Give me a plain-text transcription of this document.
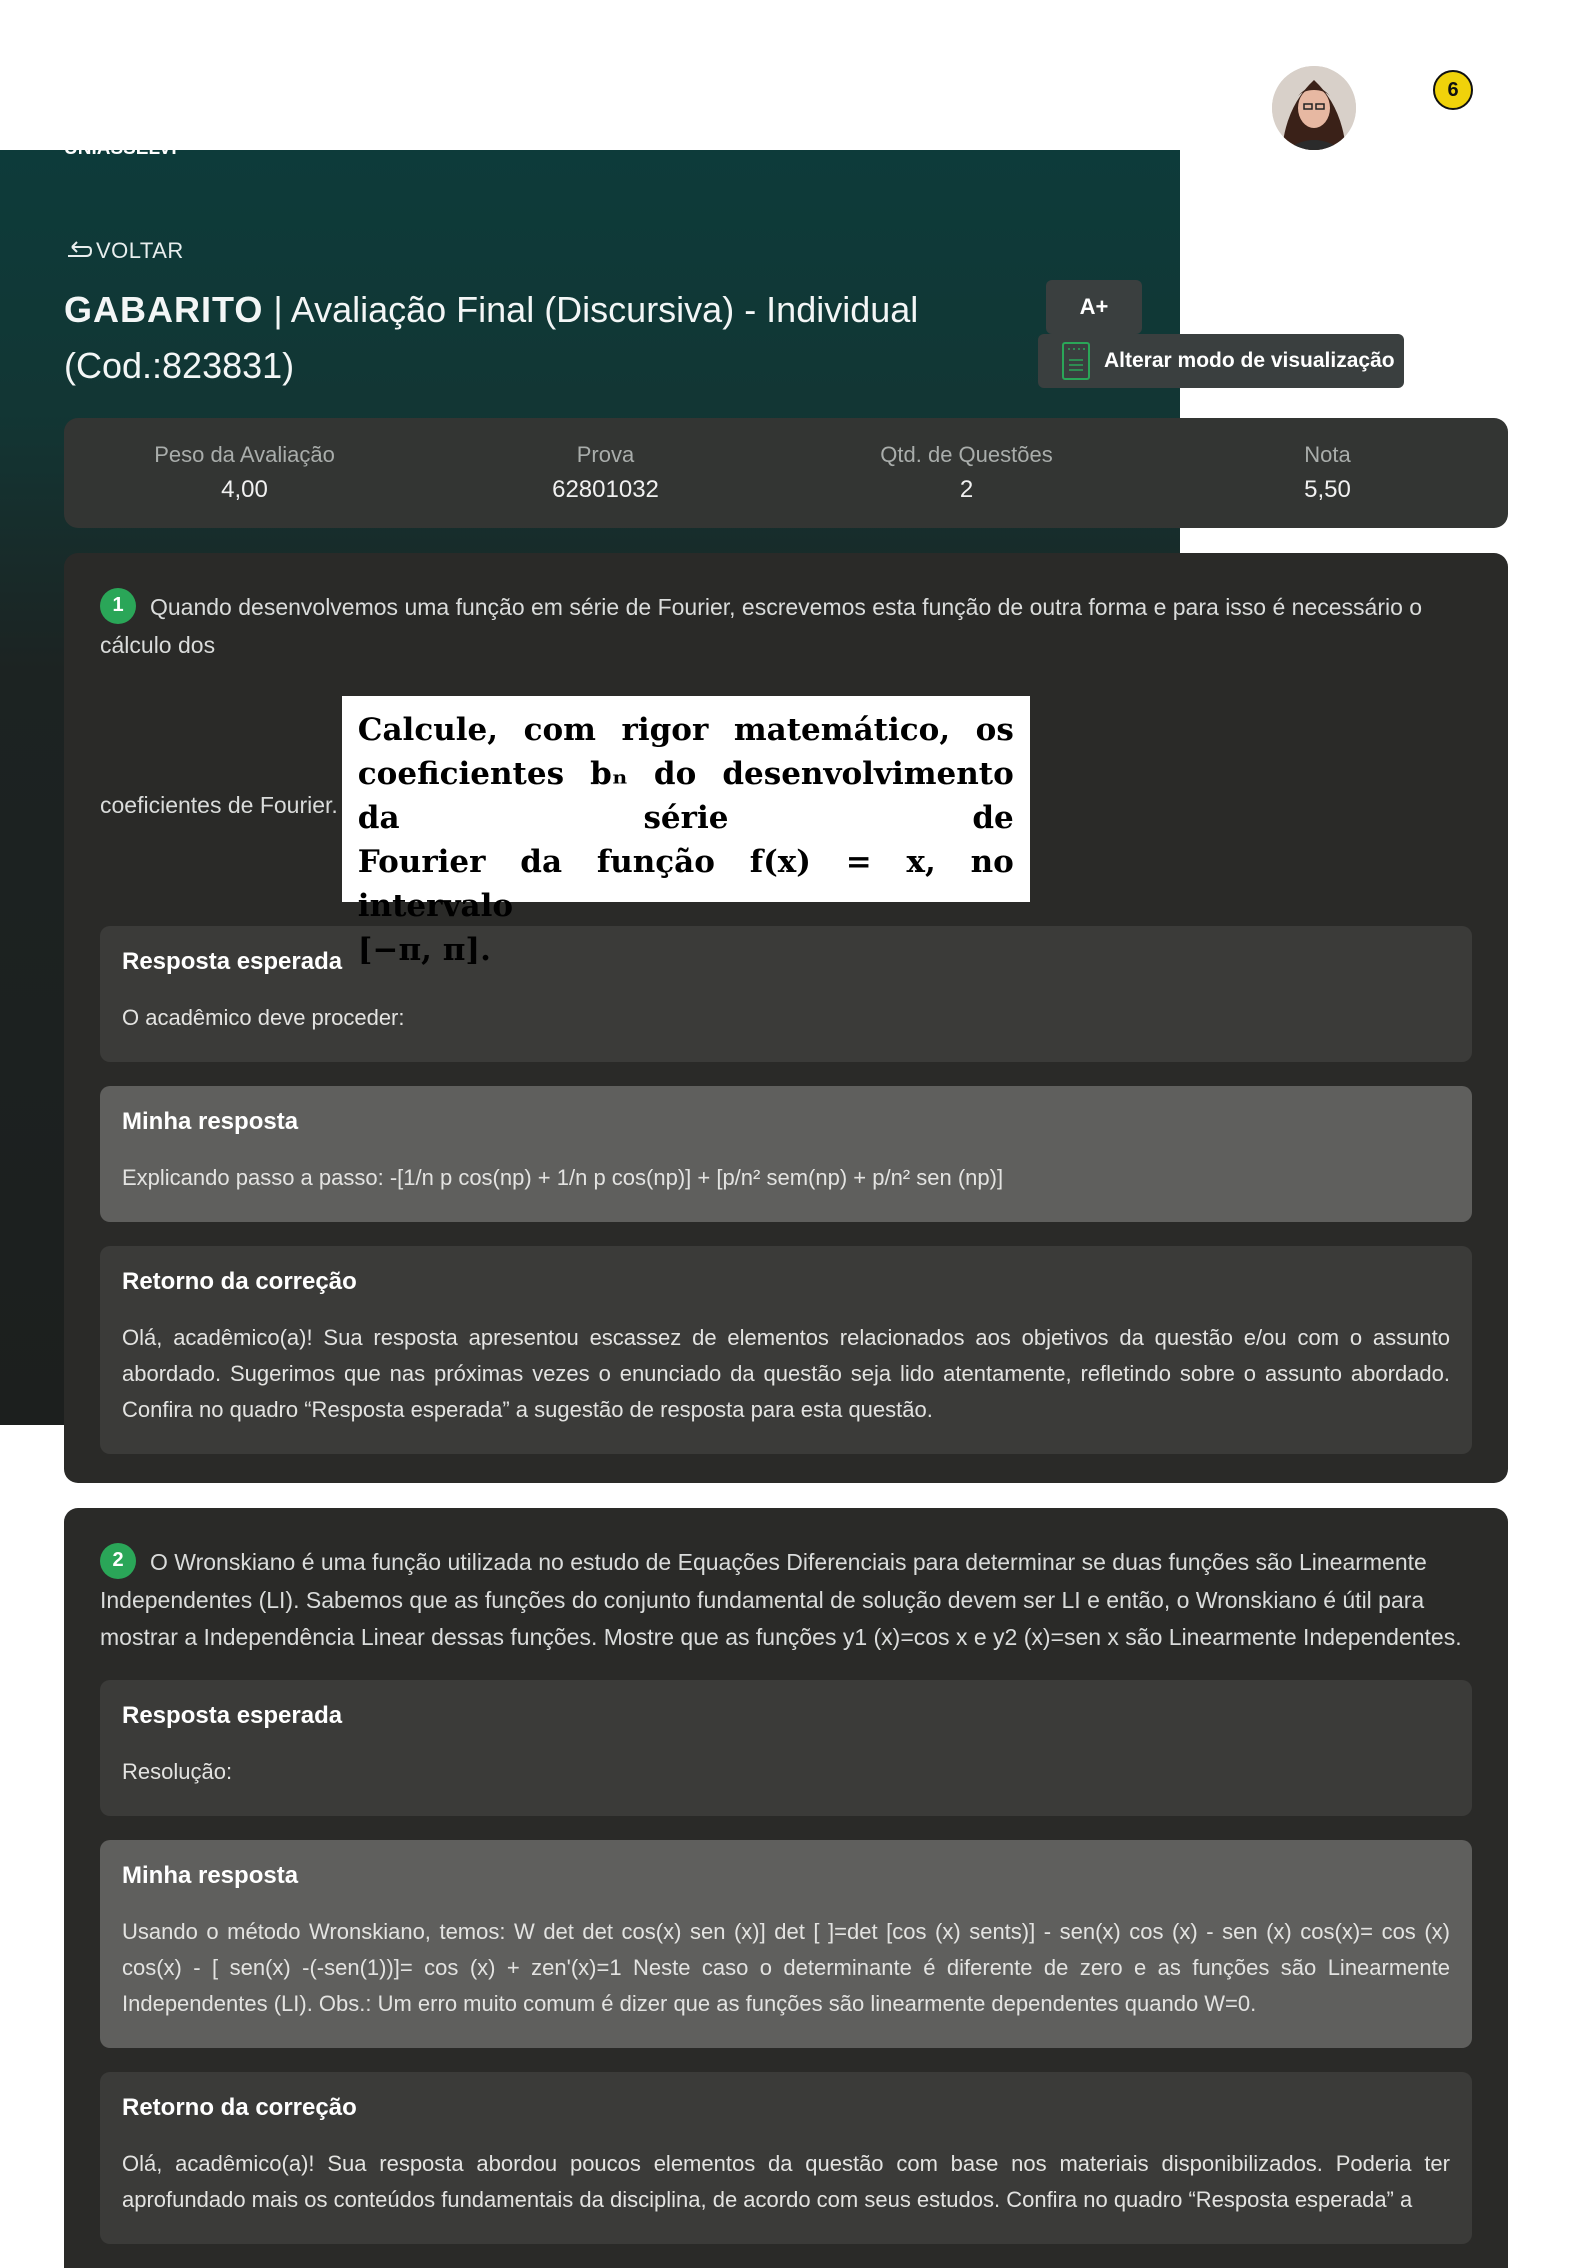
UNIASSELVI
6
VOLTAR
GABARITO | Avaliação Final (Discursiva) - Individual (Cod.:823831)
A+
Alterar modo de visualização
Peso da Avaliação
4,00
Prova
62801032
Qtd. de Questões
2
Nota
5,50
1 Quando desenvolvemos uma função em série de Fourier, escrevemos esta função de outra forma e para isso é necessário o cálculo dos
coeficientes de Fourier.
Calcule, com rigor matemático, os
coeficientes bₙ do desenvolvimento da série de
Fourier da função f(x) = x, no intervalo
[−π, π].
Resposta esperada
O acadêmico deve proceder:
Minha resposta
Explicando passo a passo: -[1/n p cos(np) + 1/n p cos(np)] + [p/n² sem(np) + p/n² sen (np)]
Retorno da correção
Olá, acadêmico(a)! Sua resposta apresentou escassez de elementos relacionados aos objetivos da questão e/ou com o assunto abordado. Sugerimos que nas próximas vezes o enunciado da questão seja lido atentamente, refletindo sobre o assunto abordado. Confira no quadro “Resposta esperada” a sugestão de resposta para esta questão.
2 O Wronskiano é uma função utilizada no estudo de Equações Diferenciais para determinar se duas funções são Linearmente Independentes (LI). Sabemos que as funções do conjunto fundamental de solução devem ser LI e então, o Wronskiano é útil para mostrar a Independência Linear dessas funções. Mostre que as funções y1 (x)=cos x e y2 (x)=sen x são Linearmente Independentes.
Resposta esperada
Resolução:
Minha resposta
Usando o método Wronskiano, temos: W det det cos(x) sen (x)] det [ ]=det [cos (x) sents)] - sen(x) cos (x) - sen (x) cos(x)= cos (x) cos(x) - [ sen(x) -(-sen(1))]= cos (x) + zen'(x)=1 Neste caso o determinante é diferente de zero e as funções são Linearmente Independentes (LI). Obs.: Um erro muito comum é dizer que as funções são linearmente dependentes quando W=0.
Retorno da correção
Olá, acadêmico(a)! Sua resposta abordou poucos elementos da questão com base nos materiais disponibilizados. Poderia ter aprofundado mais os conteúdos fundamentais da disciplina, de acordo com seus estudos. Confira no quadro “Resposta esperada” a
